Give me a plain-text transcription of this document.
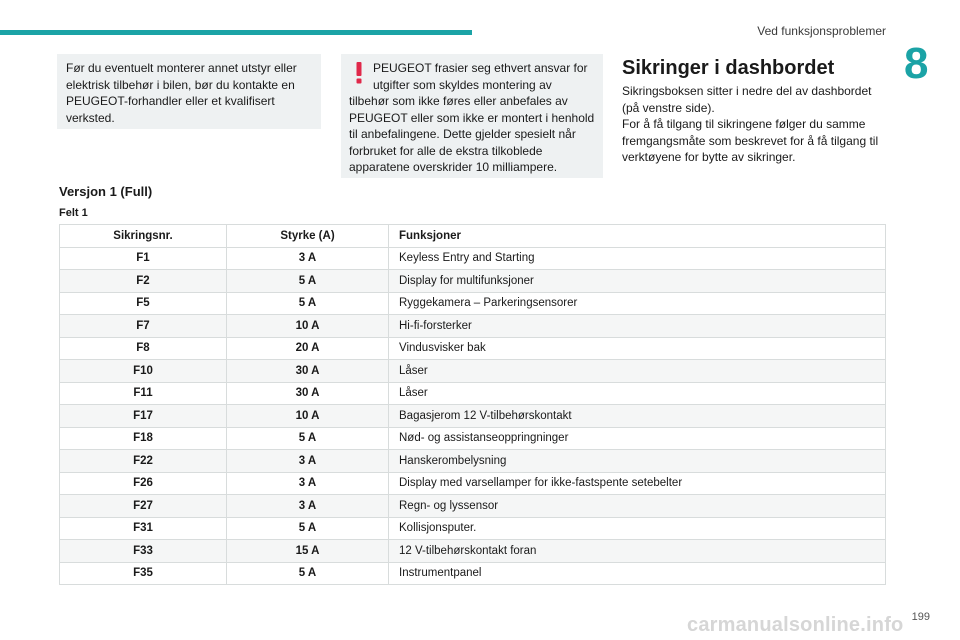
Ved funksjonsproblemer
8
Før du eventuelt monterer annet utstyr eller elektrisk tilbehør i bilen, bør du kontakte en PEUGEOT-forhandler eller et kvalifisert verksted.
PEUGEOT frasier seg ethvert ansvar for
utgifter som skyldes montering av
tilbehør som ikke føres eller anbefales av
PEUGEOT eller som ikke er montert i henhold
til anbefalingene. Dette gjelder spesielt når
forbruket for alle de ekstra tilkoblede
apparatene overskrider 10 milliampere.
Sikringer i dashbordet
Sikringsboksen sitter i nedre del av dashbordet (på venstre side).
For å få tilgang til sikringene følger du samme fremgangsmåte som beskrevet for å få tilgang til verktøyene for bytte av sikringer.
Versjon 1 (Full)
Felt 1
Sikringsnr.	Styrke (A)	Funksjoner
F1	3 A	Keyless Entry and Starting
F2	5 A	Display for multifunksjoner
F5	5 A	Ryggekamera – Parkeringsensorer
F7	10 A	Hi-fi-forsterker
F8	20 A	Vindusvisker bak
F10	30 A	Låser
F11	30 A	Låser
F17	10 A	Bagasjerom 12 V-tilbehørskontakt
F18	5 A	Nød- og assistanseoppringninger
F22	3 A	Hanskerombelysning
F26	3 A	Display med varsellamper for ikke-fastspente setebelter
F27	3 A	Regn- og lyssensor
F31	5 A	Kollisjonsputer.
F33	15 A	12 V-tilbehørskontakt foran
F35	5 A	Instrumentpanel
carmanualsonline.info 199
